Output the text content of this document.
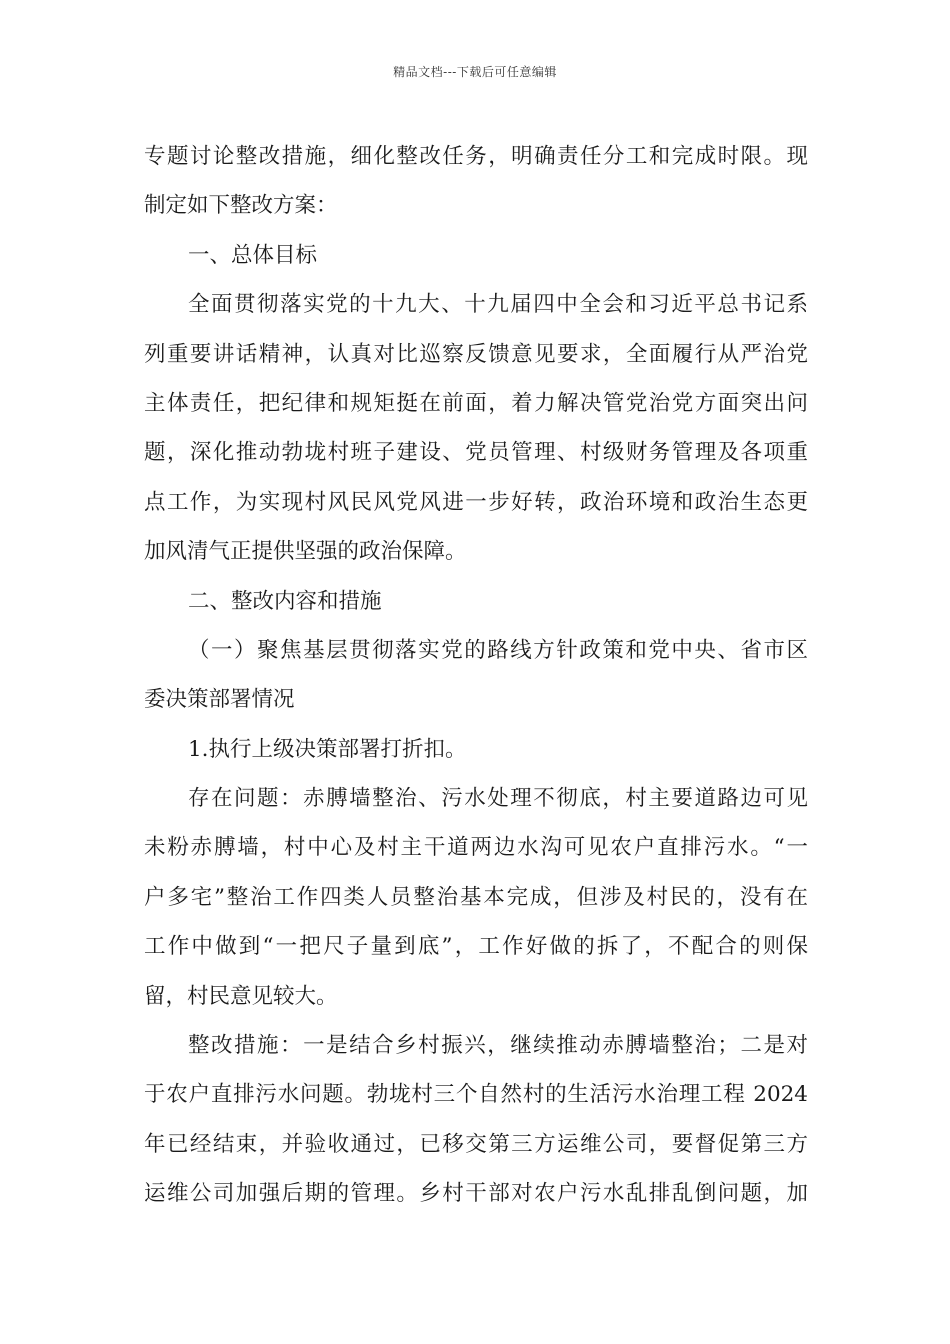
精品文档---下载后可任意编辑
专题讨论整改措施，细化整改任务，明确责任分工和完成时限。现
制定如下整改方案：
一、总体目标
全面贯彻落实党的十九大、十九届四中全会和习近平总书记系
列重要讲话精神，认真对比巡察反馈意见要求，全面履行从严治党
主体责任，把纪律和规矩挺在前面，着力解决管党治党方面突出问
题，深化推动勃垅村班子建设、党员管理、村级财务管理及各项重
点工作，为实现村风民风党风进一步好转，政治环境和政治生态更
加风清气正提供坚强的政治保障。
二、整改内容和措施
（一）聚焦基层贯彻落实党的路线方针政策和党中央、省市区
委决策部署情况
1.执行上级决策部署打折扣。
存在问题：赤膊墙整治、污水处理不彻底，村主要道路边可见
未粉赤膊墙，村中心及村主干道两边水沟可见农户直排污水。“一
户多宅”整治工作四类人员整治基本完成，但涉及村民的，没有在
工作中做到“一把尺子量到底”，工作好做的拆了，不配合的则保
留，村民意见较大。
整改措施：一是结合乡村振兴，继续推动赤膊墙整治；二是对
于农户直排污水问题。勃垅村三个自然村的生活污水治理工程 2024
年已经结束，并验收通过，已移交第三方运维公司，要督促第三方
运维公司加强后期的管理。乡村干部对农户污水乱排乱倒问题，加
